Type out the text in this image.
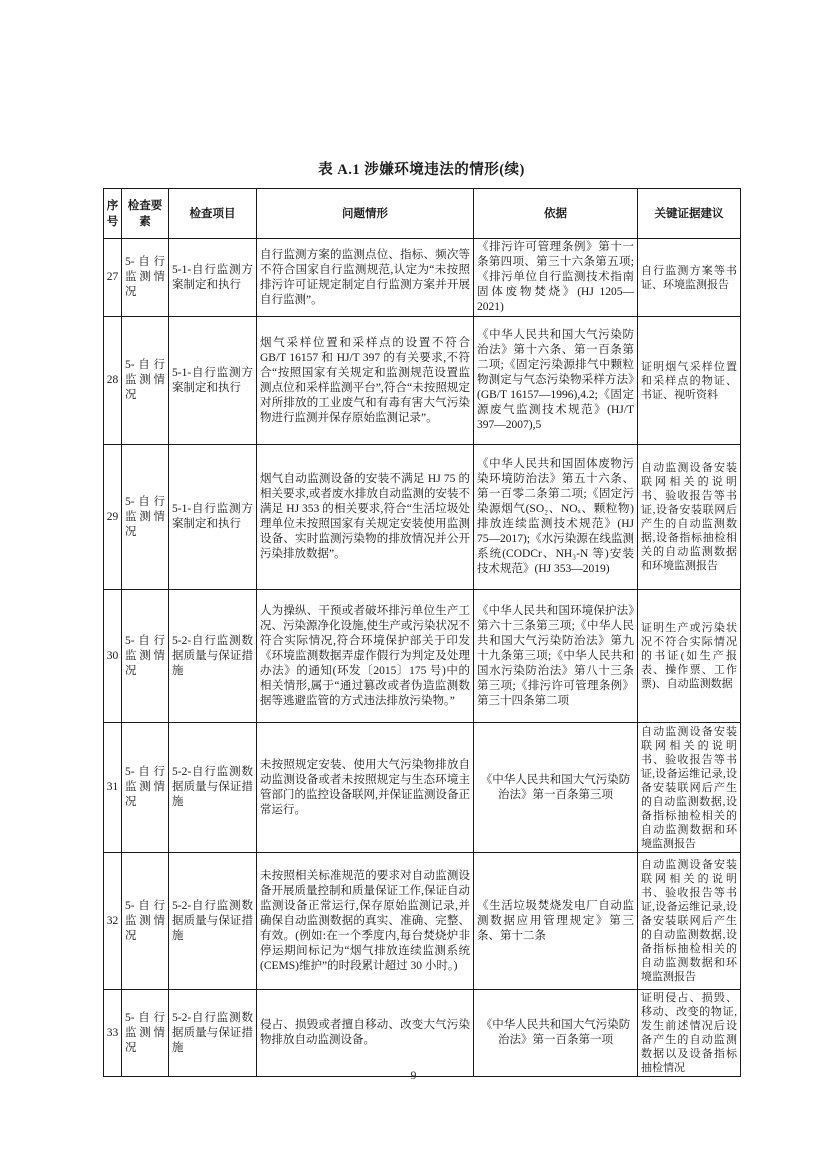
表 A.1 涉嫌环境违法的情形(续)
序号	检查要素	检查项目	问题情形	依据	关键证据建议
27	5-自行监测情况	5-1-自行监测方案制定和执行	自行监测方案的监测点位、指标、频次等不符合国家自行监测规范,认定为“未按照排污许可证规定制定自行监测方案并开展自行监测”。	《排污许可管理条例》第十一条第四项、第三十六条第五项;《排污单位自行监测技术指南 固体废物焚烧》(HJ 1205—2021)	自行监测方案等书证、环境监测报告
28	5-自行监测情况	5-1-自行监测方案制定和执行	烟气采样位置和采样点的设置不符合 GB/T 16157 和 HJ/T 397 的有关要求,不符合“按照国家有关规定和监测规范设置监测点位和采样监测平台”,符合“未按照规定对所排放的工业废气和有毒有害大气污染物进行监测并保存原始监测记录”。	《中华人民共和国大气污染防治法》第十六条、第一百条第二项;《固定污染源排气中颗粒物测定与气态污染物采样方法》(GB/T 16157—1996),4.2;《固定源废气监测技术规范》(HJ/T 397—2007),5	证明烟气采样位置和采样点的物证、书证、视听资料
29	5-自行监测情况	5-1-自行监测方案制定和执行	烟气自动监测设备的安装不满足 HJ 75 的相关要求,或者废水排放自动监测的安装不满足 HJ 353 的相关要求,符合“生活垃圾处理单位未按照国家有关规定安装使用监测设备、实时监测污染物的排放情况并公开污染排放数据”。	《中华人民共和国固体废物污染环境防治法》第五十六条、第一百零二条第二项;《固定污染源烟气(SO₂、NOₓ、颗粒物)排放连续监测技术规范》(HJ 75—2017);《水污染源在线监测系统(CODCr、NH₃-N 等)安装技术规范》(HJ 353—2019)	自动监测设备安装联网相关的说明书、验收报告等书证,设备安装联网后产生的自动监测数据,设备指标抽检相关的自动监测数据和环境监测报告
30	5-自行监测情况	5-2-自行监测数据质量与保证措施	人为操纵、干预或者破坏排污单位生产工况、污染源净化设施,使生产或污染状况不符合实际情况,符合环境保护部关于印发《环境监测数据弄虚作假行为判定及处理办法》的通知(环发〔2015〕175 号)中的相关情形,属于“通过篡改或者伪造监测数据等逃避监管的方式违法排放污染物。”	《中华人民共和国环境保护法》第六十三条第三项;《中华人民共和国大气污染防治法》第九十九条第三项;《中华人民共和国水污染防治法》第八十三条第三项;《排污许可管理条例》第三十四条第二项	证明生产或污染状况不符合实际情况的书证(如生产报表、操作票、工作票)、自动监测数据
31	5-自行监测情况	5-2-自行监测数据质量与保证措施	未按照规定安装、使用大气污染物排放自动监测设备或者未按照规定与生态环境主管部门的监控设备联网,并保证监测设备正常运行。	《中华人民共和国大气污染防治法》第一百条第三项	自动监测设备安装联网相关的说明书、验收报告等书证,设备运维记录,设备安装联网后产生的自动监测数据,设备指标抽检相关的自动监测数据和环境监测报告
32	5-自行监测情况	5-2-自行监测数据质量与保证措施	未按照相关标准规范的要求对自动监测设备开展质量控制和质量保证工作,保证自动监测设备正常运行,保存原始监测记录,并确保自动监测数据的真实、准确、完整、有效。(例如:在一个季度内,每台焚烧炉非停运期间标记为“烟气排放连续监测系统(CEMS)维护”的时段累计超过 30 小时。)	《生活垃圾焚烧发电厂自动监测数据应用管理规定》第三条、第十二条	自动监测设备安装联网相关的说明书、验收报告等书证,设备运维记录,设备安装联网后产生的自动监测数据,设备指标抽检相关的自动监测数据和环境监测报告
33	5-自行监测情况	5-2-自行监测数据质量与保证措施	侵占、损毁或者擅自移动、改变大气污染物排放自动监测设备。	《中华人民共和国大气污染防治法》第一百条第一项	证明侵占、损毁、移动、改变的物证,发生前述情况后设备产生的自动监测数据以及设备指标抽检情况
9
